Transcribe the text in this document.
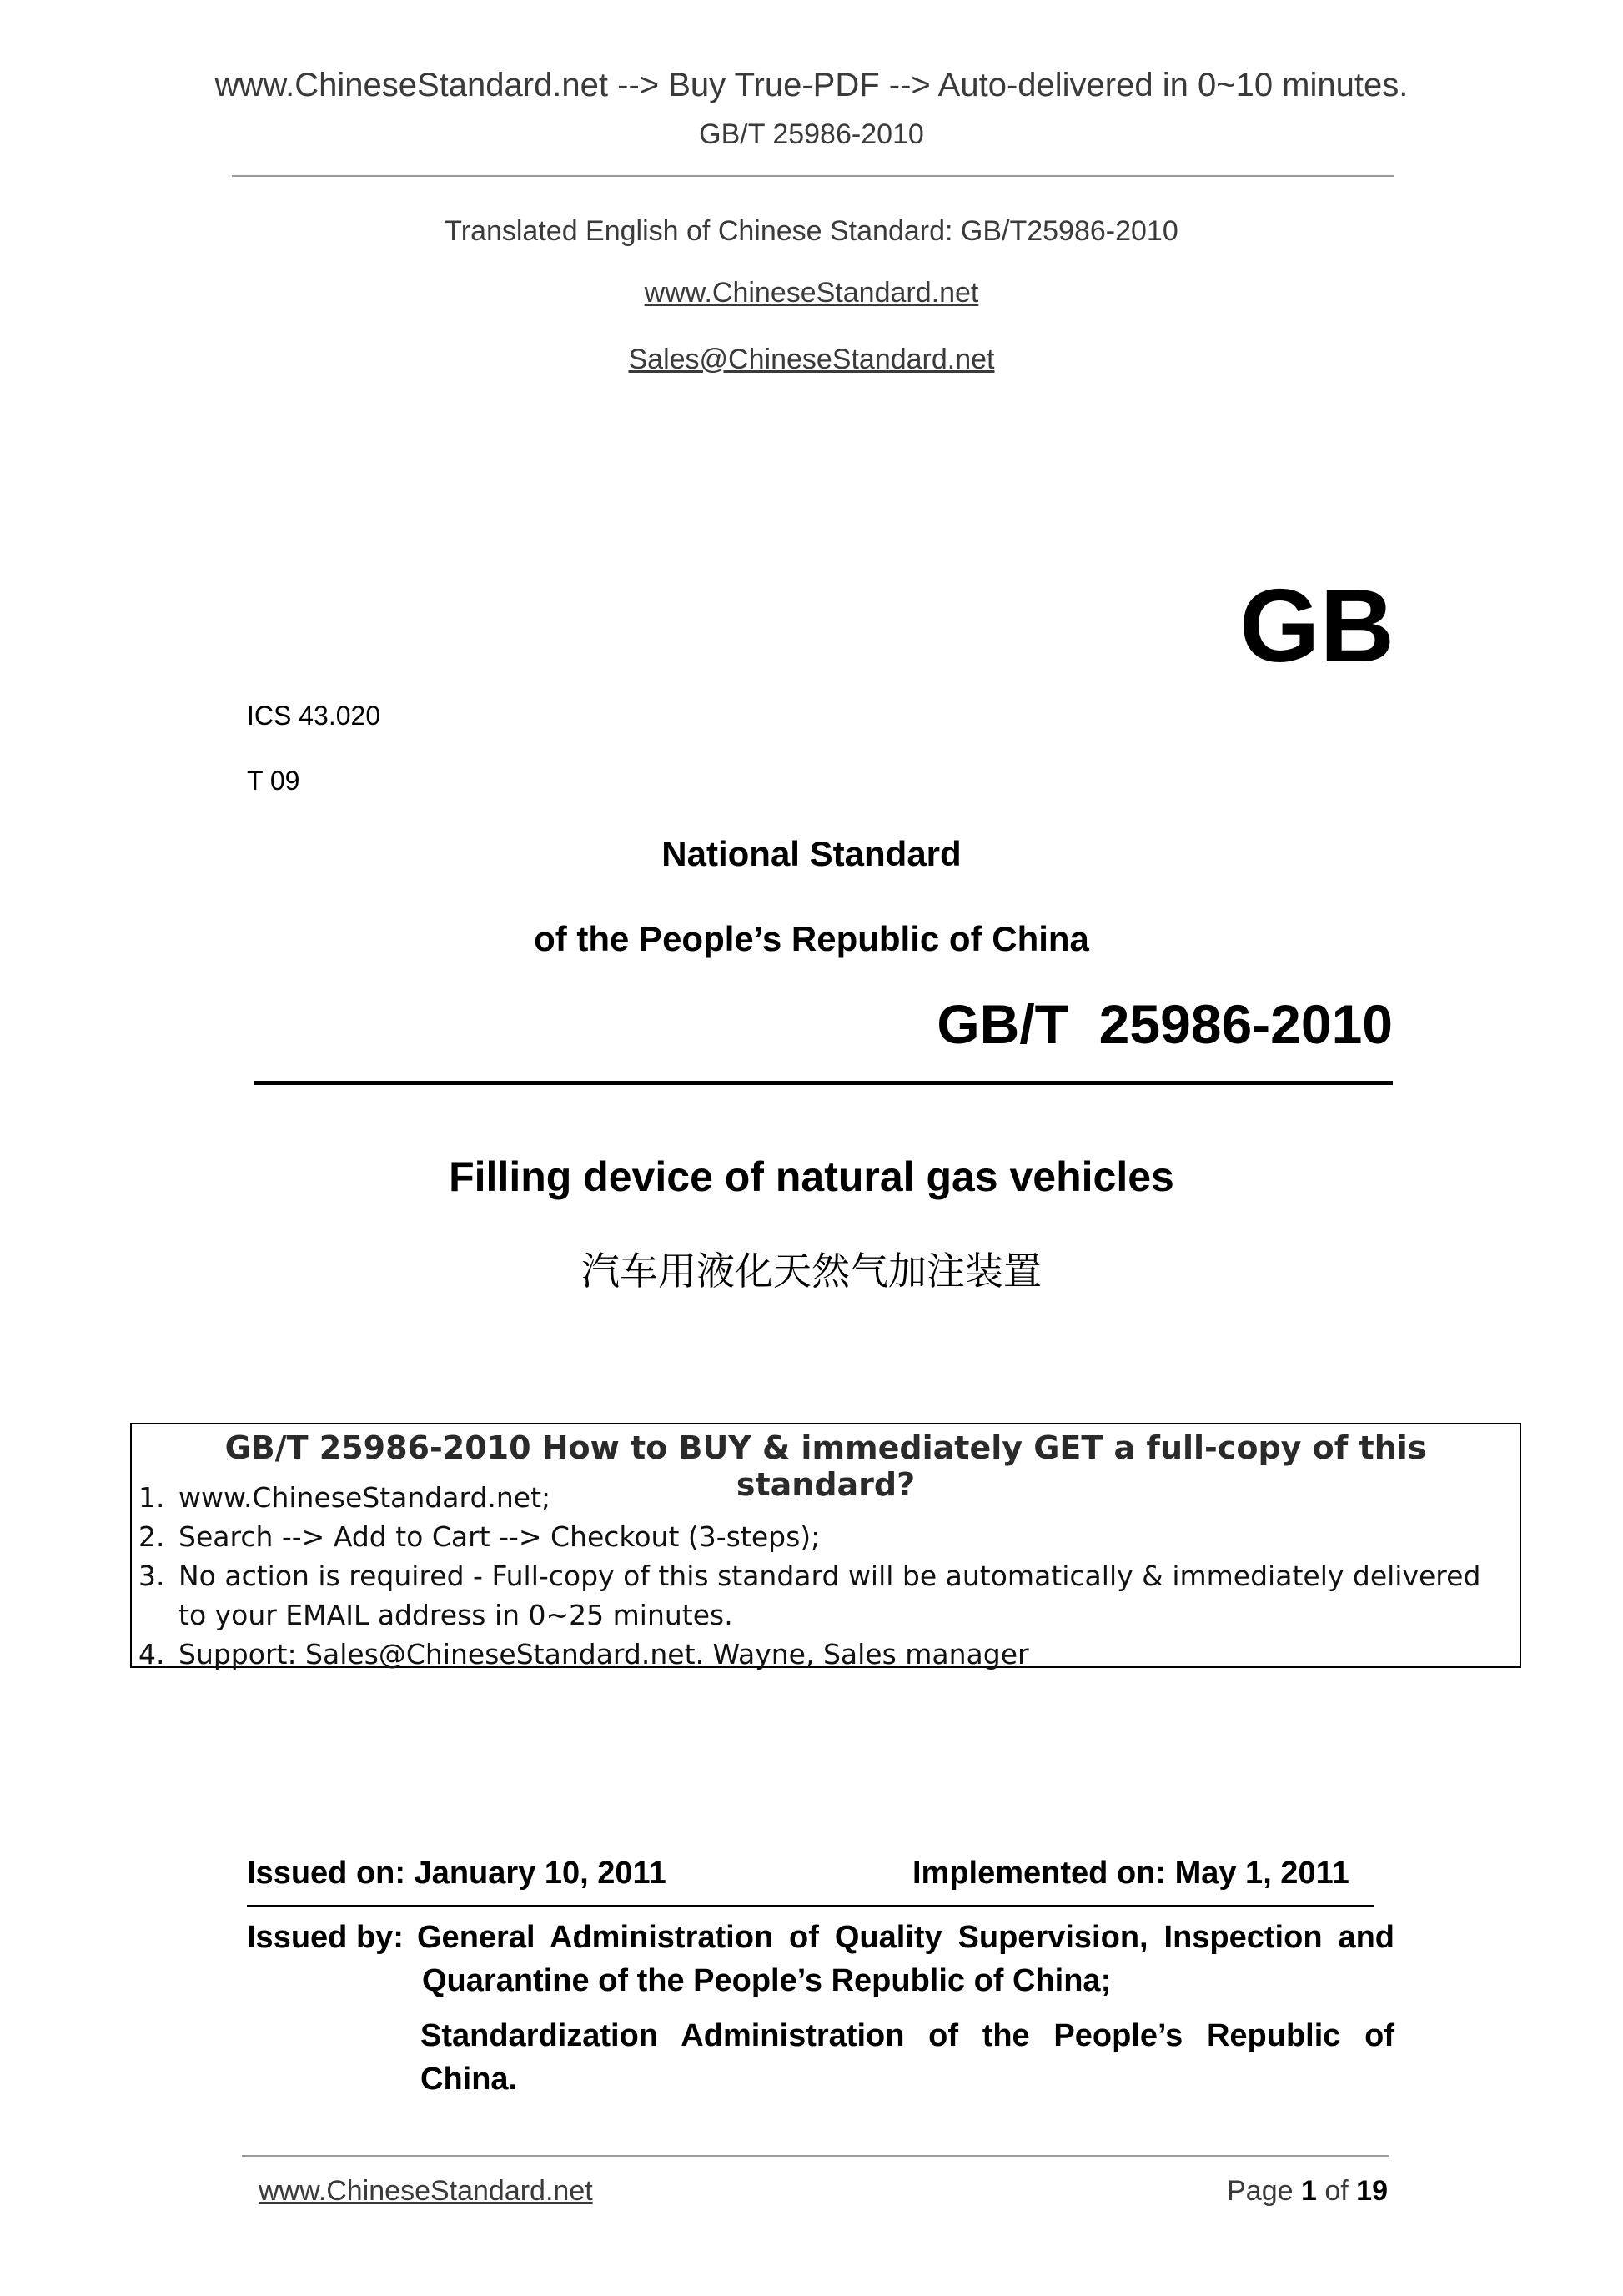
www.ChineseStandard.net --> Buy True-PDF --> Auto-delivered in 0~10 minutes.
GB/T 25986-2010
Translated English of Chinese Standard: GB/T25986-2010
www.ChineseStandard.net
Sales@ChineseStandard.net
GB
ICS 43.020
T 09
National Standard
of the People’s Republic of China
GB/T  25986-2010
Filling device of natural gas vehicles
汽车用液化天然气加注装置
GB/T 25986-2010 How to BUY & immediately GET a full-copy of this standard?
1. www.ChineseStandard.net;
2. Search --> Add to Cart --> Checkout (3-steps);
3. No action is required - Full-copy of this standard will be automatically & immediately delivered to your EMAIL address in 0~25 minutes.
4. Support: Sales@ChineseStandard.net. Wayne, Sales manager
Issued on: January 10, 2011	Implemented on: May 1, 2011
Issued by: General Administration of Quality Supervision, Inspection and
Quarantine of the People’s Republic of China;
Standardization Administration of the People’s Republic of
China.
www.ChineseStandard.net	Page 1 of 19
